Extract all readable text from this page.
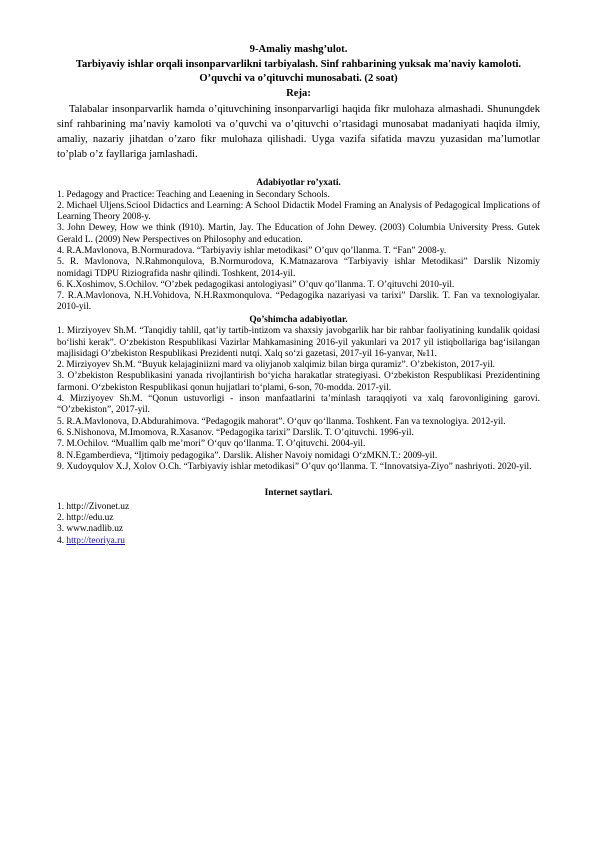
9-Amaliy mashg’ulot.

Tarbiyaviy ishlar orqali insonparvarlikni tarbiyalash. Sinf rahbarining yuksak ma'naviy kamoloti. O’quvchi va o’qituvchi munosabati. (2 soat)

Reja:

Talabalar insonparvarlik hamda o’qituvchining insonparvarligi haqida fikr mulohaza almashadi. Shunungdek sinf rahbarining ma’naviy kamoloti va o’quvchi va o’qituvchi o’rtasidagi munosabat madaniyati haqida ilmiy, amaliy, nazariy jihatdan o’zaro fikr mulohaza qilishadi. Uyga vazifa sifatida mavzu yuzasidan ma’lumotlar to’plab o’z fayllariga jamlashadi.

Adabiyotlar ro’yxati.

1. Pedagogy and Practice: Teaching and Leaening in Secondary Schools.
2. Michael Uljens.Sciool Didactics and Learning: A School Didactik Model Framing an Analysis of Pedagogical Implications of Learning Theory 2008-y.
3. John Dewey, How we think (I910). Martin, Jay. The Education of John Dewey. (2003) Columbia University Press. Gutek Gerald L. (2009) New Perspectives on Philosophy and education.
4. R.A.Mavlonova, B.Normuradova. “Tarbiyaviy ishlar metodikasi” O’quv qo’llanma. T. “Fan” 2008-y.
5. R. Mavlonova, N.Rahmonqulova, B.Normurodova, K.Matnazarova “Tarbiyaviy ishlar Metodikasi” Darslik Nizomiy nomidagi TDPU Riziografida nashr qilindi. Toshkent, 2014-yil.
6. K.Xoshimov, S.Ochilov. “O’zbek pedagogikasi antologiyasi” O’quv qo’llanma. T. O’qituvchi 2010-yil.
7. R.A.Mavlonova, N.H.Vohidova, N.H.Raxmonqulova. “Pedagogika nazariyasi va tarixi” Darslik. T. Fan va texnologiyalar. 2010-yil.

Qo’shimcha adabiyotlar.

1. Mirziyoyev Sh.M. “Tanqidiy tahlil, qat’iy tartib-intizom va shaxsiy javobgarlik har bir rahbar faoliyatining kundalik qoidasi bo‘lishi kerak”. O‘zbekiston Respublikasi Vazirlar Mahkamasining 2016-yil yakunlari va 2017 yil istiqbollariga bag‘isilangan majlisidagi O’zbekiston Respublikasi Prezidenti nutqi. Xalq so‘zi gazetasi, 2017-yil 16-yanvar, №11.
2. Mirziyoyev Sh.M. “Buyuk kelajaginiizni mard va oliyjanob xalqimiz bilan birga quramiz”. O’zbekiston, 2017-yil.
3. O’zbekiston Respublikasini yanada rivojlantirish bo‘yicha harakatlar strategiyasi. O‘zbekiston Respublikasi Prezidentining farmoni. O‘zbekiston Respublikasi qonun hujjatlari to‘plami, 6-son, 70-modda. 2017-yil.
4. Mirziyoyev Sh.M. “Qonun ustuvorligi - inson manfaatlarini ta’minlash taraqqiyoti va xalq farovonligining garovi. “O’zbekiston”, 2017-yil.
5. R.A.Mavlonova, D.Abdurahimova. “Pedagogik mahorat”. O‘quv qo‘llanma. Toshkent. Fan va texnologiya. 2012-yil.
6. S.Nishonova, M.Imomova, R.Xasanov. “Pedagogika tarixi” Darslik. T. O’qituvchi. 1996-yil.
7. M.Ochilov. “Muallim qalb me’mori” O‘quv qo‘llanma. T. O’qituvchi. 2004-yil.
8. N.Egamberdieva, “Ijtimoiy pedagogika”. Darslik. Alisher Navoiy nomidagi O‘zMKN.T.: 2009-yil.
9. Xudoyqulov X.J, Xolov O.Ch. “Tarbiyaviy ishlar metodikasi” O’quv qo‘llanma. T. “Innovatsiya-Ziyo” nashriyoti. 2020-yil.

Internet saytlari.

1. http://Zivonet.uz
2. http://edu.uz
3. www.nadlib.uz
4. http://teoriya.ru
